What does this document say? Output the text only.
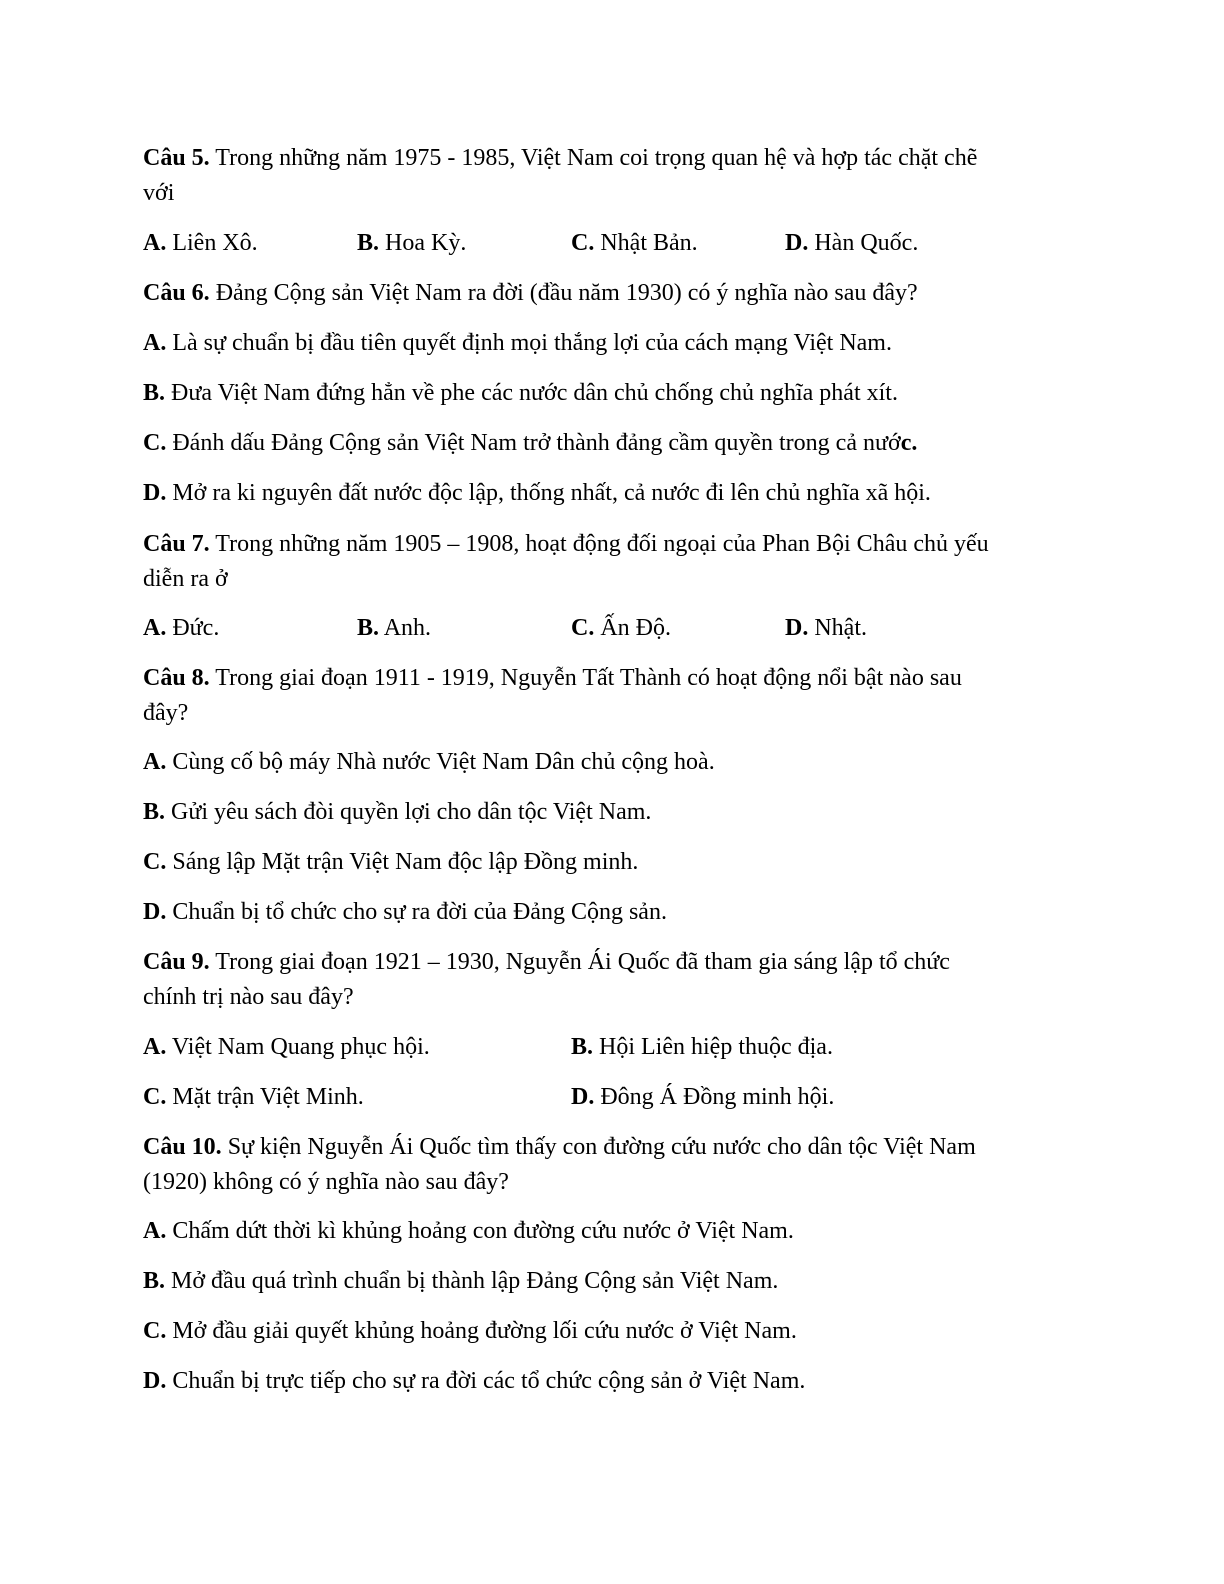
Câu 5. Trong những năm 1975 - 1985, Việt Nam coi trọng quan hệ và hợp tác chặt chẽ

với

A. Liên Xô.	B. Hoa Kỳ.	C. Nhật Bản.	D. Hàn Quốc.

Câu 6. Đảng Cộng sản Việt Nam ra đời (đầu năm 1930) có ý nghĩa nào sau đây?

A. Là sự chuẩn bị đầu tiên quyết định mọi thắng lợi của cách mạng Việt Nam.
B. Đưa Việt Nam đứng hẳn về phe các nước dân chủ chống chủ nghĩa phát xít.
C. Đánh dấu Đảng Cộng sản Việt Nam trở thành đảng cầm quyền trong cả nước.
D. Mở ra ki nguyên đất nước độc lập, thống nhất, cả nước đi lên chủ nghĩa xã hội.

Câu 7. Trong những năm 1905 – 1908, hoạt động đối ngoại của Phan Bội Châu chủ yếu

diễn ra ở

A. Đức.	B. Anh.	C. Ấn Độ.	D. Nhật.

Câu 8. Trong giai đoạn 1911 - 1919, Nguyễn Tất Thành có hoạt động nổi bật nào sau

đây?

A. Cùng cố bộ máy Nhà nước Việt Nam Dân chủ cộng hoà.
B. Gửi yêu sách đòi quyền lợi cho dân tộc Việt Nam.
C. Sáng lập Mặt trận Việt Nam độc lập Đồng minh.
D. Chuẩn bị tổ chức cho sự ra đời của Đảng Cộng sản.

Câu 9. Trong giai đoạn 1921 – 1930, Nguyễn Ái Quốc đã tham gia sáng lập tổ chức

chính trị nào sau đây?

A. Việt Nam Quang phục hội.	B. Hội Liên hiệp thuộc địa.
C. Mặt trận Việt Minh.	D. Đông Á Đồng minh hội.

Câu 10. Sự kiện Nguyễn Ái Quốc tìm thấy con đường cứu nước cho dân tộc Việt Nam

(1920) không có ý nghĩa nào sau đây?

A. Chấm dứt thời kì khủng hoảng con đường cứu nước ở Việt Nam.
B. Mở đầu quá trình chuẩn bị thành lập Đảng Cộng sản Việt Nam.
C. Mở đầu giải quyết khủng hoảng đường lối cứu nước ở Việt Nam.
D. Chuẩn bị trực tiếp cho sự ra đời các tổ chức cộng sản ở Việt Nam.
